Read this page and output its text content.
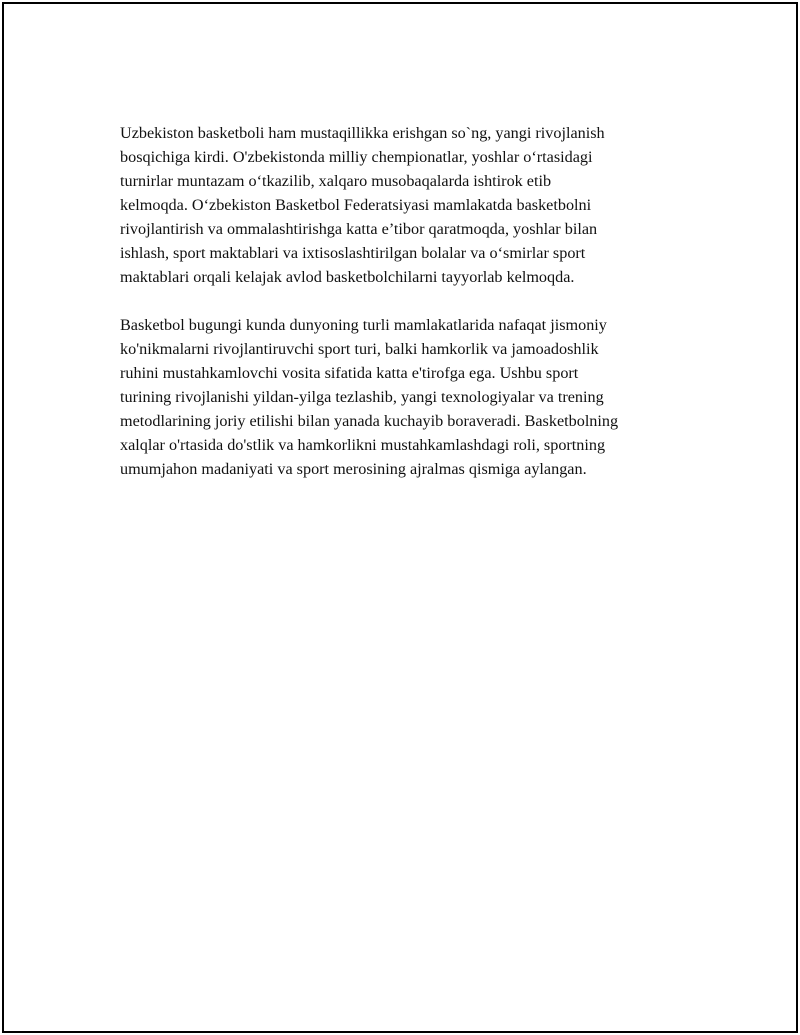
Uzbekiston basketboli ham mustaqillikka erishgan so`ng, yangi rivojlanish
bosqichiga kirdi. O'zbekistonda milliy chempionatlar, yoshlar o‘rtasidagi
turnirlar muntazam o‘tkazilib, xalqaro musobaqalarda ishtirok etib
kelmoqda. O‘zbekiston Basketbol Federatsiyasi mamlakatda basketbolni
rivojlantirish va ommalashtirishga katta e’tibor qaratmoqda, yoshlar bilan
ishlash, sport maktablari va ixtisoslashtirilgan bolalar va o‘smirlar sport
maktablari orqali kelajak avlod basketbolchilarni tayyorlab kelmoqda.

Basketbol bugungi kunda dunyoning turli mamlakatlarida nafaqat jismoniy
ko'nikmalarni rivojlantiruvchi sport turi, balki hamkorlik va jamoadoshlik
ruhini mustahkamlovchi vosita sifatida katta e'tirofga ega. Ushbu sport
turining rivojlanishi yildan-yilga tezlashib, yangi texnologiyalar va trening
metodlarining joriy etilishi bilan yanada kuchayib boraveradi. Basketbolning
xalqlar o'rtasida do'stlik va hamkorlikni mustahkamlashdagi roli, sportning
umumjahon madaniyati va sport merosining ajralmas qismiga aylangan.
